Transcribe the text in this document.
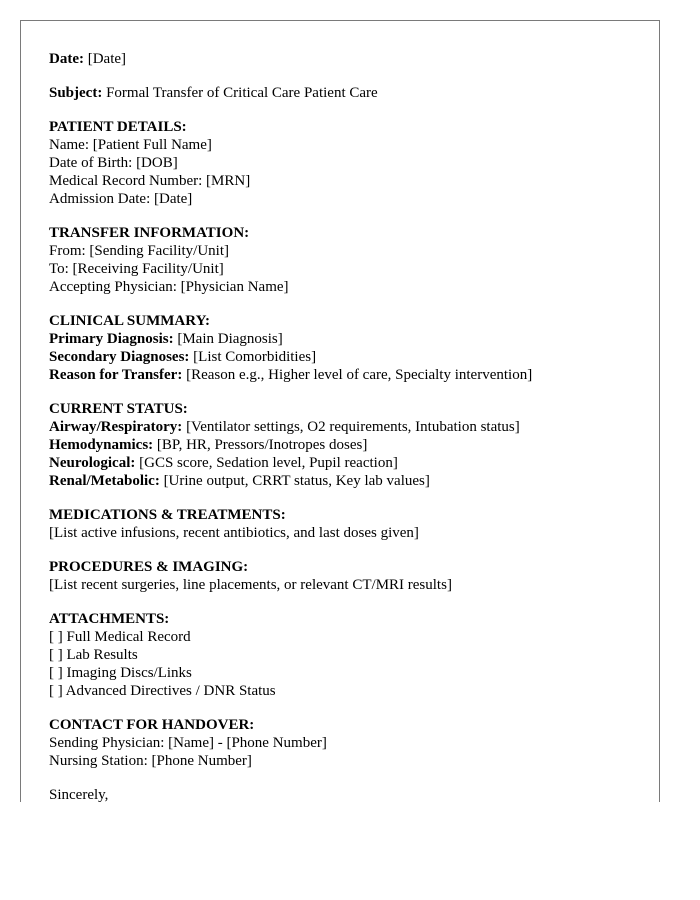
Date: [Date]
Subject: Formal Transfer of Critical Care Patient Care
PATIENT DETAILS:
Name: [Patient Full Name]
Date of Birth: [DOB]
Medical Record Number: [MRN]
Admission Date: [Date]
TRANSFER INFORMATION:
From: [Sending Facility/Unit]
To: [Receiving Facility/Unit]
Accepting Physician: [Physician Name]
CLINICAL SUMMARY:
Primary Diagnosis: [Main Diagnosis]
Secondary Diagnoses: [List Comorbidities]
Reason for Transfer: [Reason e.g., Higher level of care, Specialty intervention]
CURRENT STATUS:
Airway/Respiratory: [Ventilator settings, O2 requirements, Intubation status]
Hemodynamics: [BP, HR, Pressors/Inotropes doses]
Neurological: [GCS score, Sedation level, Pupil reaction]
Renal/Metabolic: [Urine output, CRRT status, Key lab values]
MEDICATIONS & TREATMENTS:
[List active infusions, recent antibiotics, and last doses given]
PROCEDURES & IMAGING:
[List recent surgeries, line placements, or relevant CT/MRI results]
ATTACHMENTS:
[ ] Full Medical Record
[ ] Lab Results
[ ] Imaging Discs/Links
[ ] Advanced Directives / DNR Status
CONTACT FOR HANDOVER:
Sending Physician: [Name] - [Phone Number]
Nursing Station: [Phone Number]
Sincerely,
